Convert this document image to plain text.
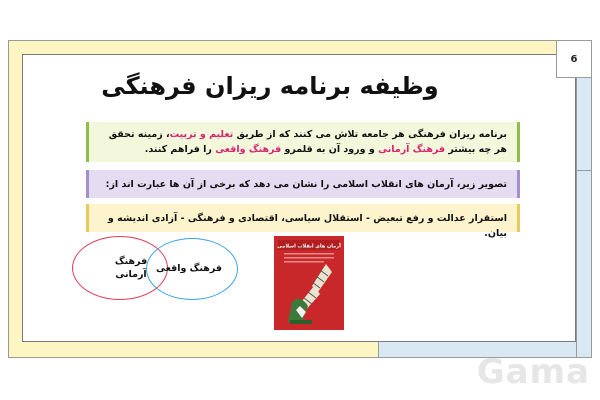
6
وظیفه برنامه ریزان فرهنگی
برنامه ریزان فرهنگی هر جامعه تلاش می کنند که از طریق تعلیم و تربیت، زمینه تحقق هر چه بیشتر فرهنگ آرمانی و ورود آن به قلمرو فرهنگ واقعی را فراهم کنند.
تصویر زیر، آرمان های انقلاب اسلامی را نشان می دهد که برخی از آن ها عبارت اند از:
استقرار عدالت و رفع تبعیض - استقلال سیاسی، اقتصادی و فرهنگی - آزادی اندیشه و بیان.
فرهنگ
آرمانی
فرهنگ واقعی
آرمان های انقلاب اسلامی
Gama
